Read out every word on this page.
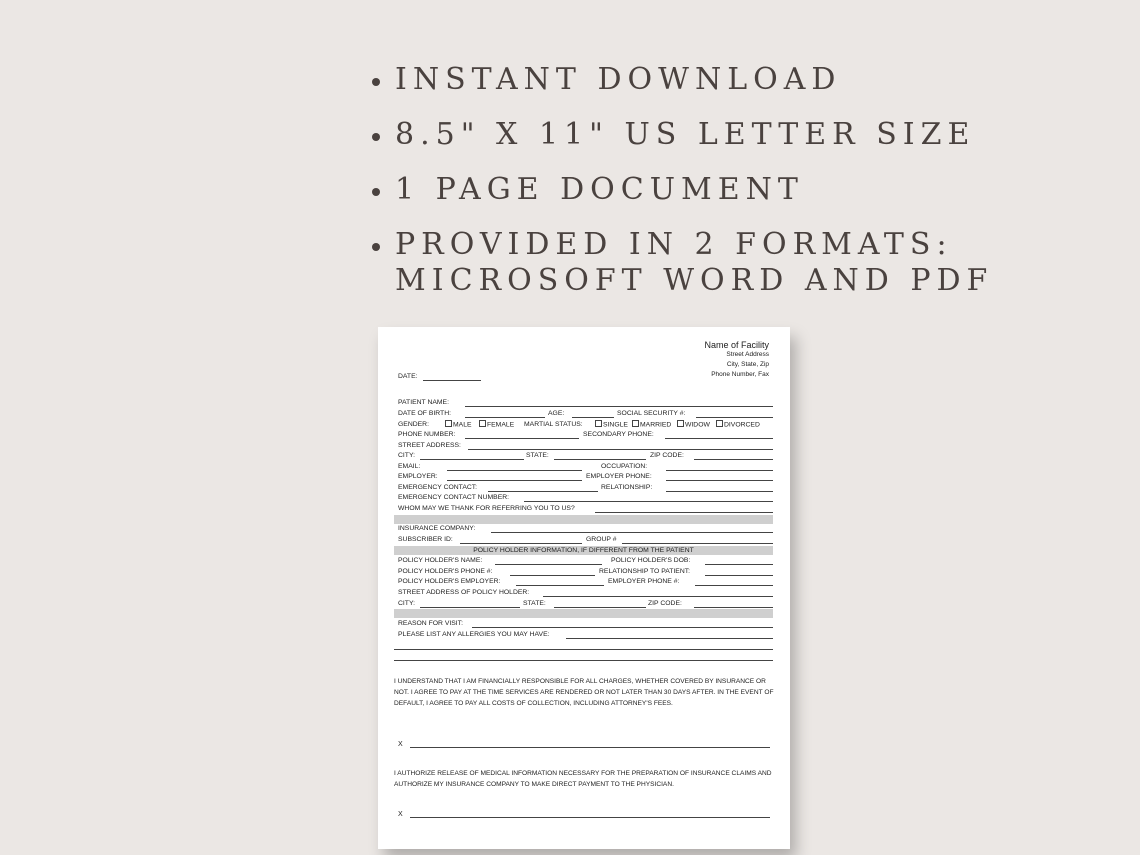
INSTANT DOWNLOAD
8.5" X 11" US LETTER SIZE
1 PAGE DOCUMENT
PROVIDED IN 2 FORMATS:
MICROSOFT WORD AND PDF
Name of Facility
Street Address
City, State, Zip
Phone Number, Fax
DATE:
PATIENT NAME:
DATE OF BIRTH:	AGE:	SOCIAL SECURITY #:
GENDER:	MALE	FEMALE MARTIAL STATUS:	SINGLE	MARRIED	WIDOW	DIVORCED
PHONE NUMBER:	SECONDARY PHONE:
STREET ADDRESS:
CITY:	STATE:	ZIP CODE:
EMAIL:	OCCUPATION:
EMPLOYER:	EMPLOYER PHONE:
EMERGENCY CONTACT:	RELATIONSHIP:
EMERGENCY CONTACT NUMBER:
WHOM MAY WE THANK FOR REFERRING YOU TO US?
INSURANCE COMPANY:
SUBSCRIBER ID:	GROUP #
POLICY HOLDER INFORMATION, IF DIFFERENT FROM THE PATIENT
POLICY HOLDER'S NAME:	POLICY HOLDER'S DOB:
POLICY HOLDER'S PHONE #:	RELATIONSHIP TO PATIENT:
POLICY HOLDER'S EMPLOYER:	EMPLOYER PHONE #:
STREET ADDRESS OF POLICY HOLDER:
CITY:	STATE:	ZIP CODE:
REASON FOR VISIT:
PLEASE LIST ANY ALLERGIES YOU MAY HAVE:
I UNDERSTAND THAT I AM FINANCIALLY RESPONSIBLE FOR ALL CHARGES, WHETHER COVERED BY INSURANCE OR NOT. I AGREE TO PAY AT THE TIME SERVICES ARE RENDERED OR NOT LATER THAN 30 DAYS AFTER. IN THE EVENT OF DEFAULT, I AGREE TO PAY ALL COSTS OF COLLECTION, INCLUDING ATTORNEY'S FEES.
X
I AUTHORIZE RELEASE OF MEDICAL INFORMATION NECESSARY FOR THE PREPARATION OF INSURANCE CLAIMS AND AUTHORIZE MY INSURANCE COMPANY TO MAKE DIRECT PAYMENT TO THE PHYSICIAN.
X
